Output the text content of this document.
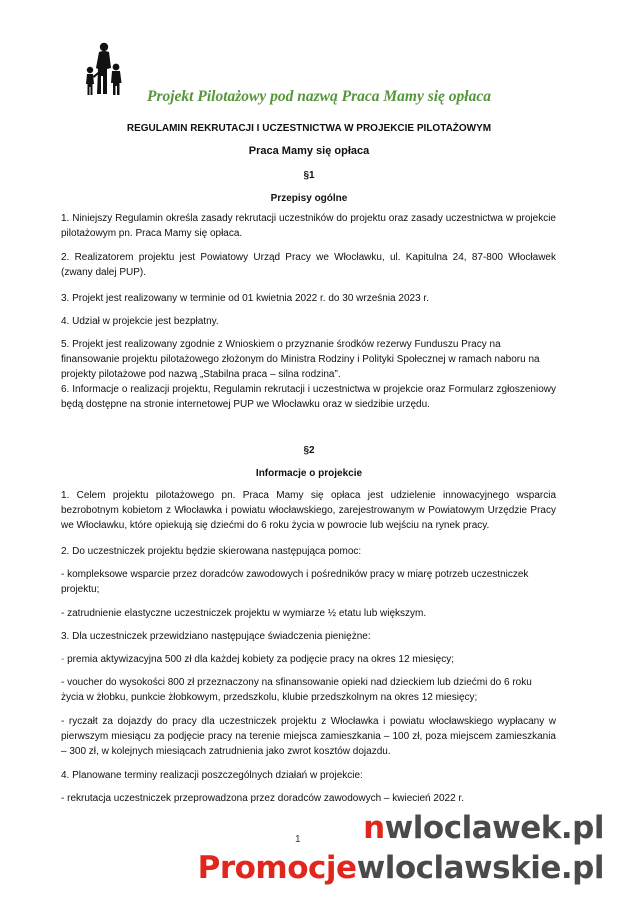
Projekt Pilotażowy pod nazwą Praca Mamy się opłaca
REGULAMIN REKRUTACJI I UCZESTNICTWA W PROJEKCIE PILOTAŻOWYM
Praca Mamy się opłaca
§1
Przepisy ogólne
1. Niniejszy Regulamin określa zasady rekrutacji uczestników do projektu oraz zasady uczestnictwa w projekcie pilotażowym pn. Praca Mamy się opłaca.
2. Realizatorem projektu jest Powiatowy Urząd Pracy we Włocławku, ul. Kapitulna 24, 87-800 Włocławek (zwany dalej PUP).
3. Projekt jest realizowany w terminie od 01 kwietnia 2022 r. do 30 września 2023 r.
4. Udział w projekcie jest bezpłatny.
5. Projekt jest realizowany zgodnie z Wnioskiem o przyznanie środków rezerwy Funduszu Pracy na finansowanie projektu pilotażowego złożonym do Ministra Rodziny i Polityki Społecznej w ramach naboru na projekty pilotażowe pod nazwą „Stabilna praca – silna rodzina”.
6. Informacje o realizacji projektu, Regulamin rekrutacji i uczestnictwa w projekcie oraz Formularz zgłoszeniowy będą dostępne na stronie internetowej PUP we Włocławku oraz w siedzibie urzędu.
§2
Informacje o projekcie
1. Celem projektu pilotażowego pn. Praca Mamy się opłaca jest udzielenie innowacyjnego wsparcia bezrobotnym kobietom z Włocławka i powiatu włocławskiego, zarejestrowanym w Powiatowym Urzędzie Pracy we Włocławku, które opiekują się dziećmi do 6 roku życia w powrocie lub wejściu na rynek pracy.
2. Do uczestniczek projektu będzie skierowana następująca pomoc:
- kompleksowe wsparcie przez doradców zawodowych i pośredników pracy w miarę potrzeb uczestniczek projektu;
- zatrudnienie elastyczne uczestniczek projektu w wymiarze ½ etatu lub większym.
3. Dla uczestniczek przewidziano następujące świadczenia pieniężne:
- premia aktywizacyjna 500 zł dla każdej kobiety za podjęcie pracy na okres 12 miesięcy;
- voucher do wysokości 800 zł przeznaczony na sfinansowanie opieki nad dzieckiem lub dziećmi do 6 roku życia w żłobku, punkcie żłobkowym, przedszkolu, klubie przedszkolnym na okres 12 miesięcy;
- ryczałt za dojazdy do pracy dla uczestniczek projektu z Włocławka i powiatu włocławskiego wypłacany w pierwszym miesiącu za podjęcie pracy na terenie miejsca zamieszkania – 100 zł, poza miejscem zamieszkania – 300 zł, w kolejnych miesiącach zatrudnienia jako zwrot kosztów dojazdu.
4. Planowane terminy realizacji poszczególnych działań w projekcie:
- rekrutacja uczestniczek przeprowadzona przez doradców zawodowych – kwiecień 2022 r.
1 nwloclawek.pl
Promocjewloclawskie.pl
